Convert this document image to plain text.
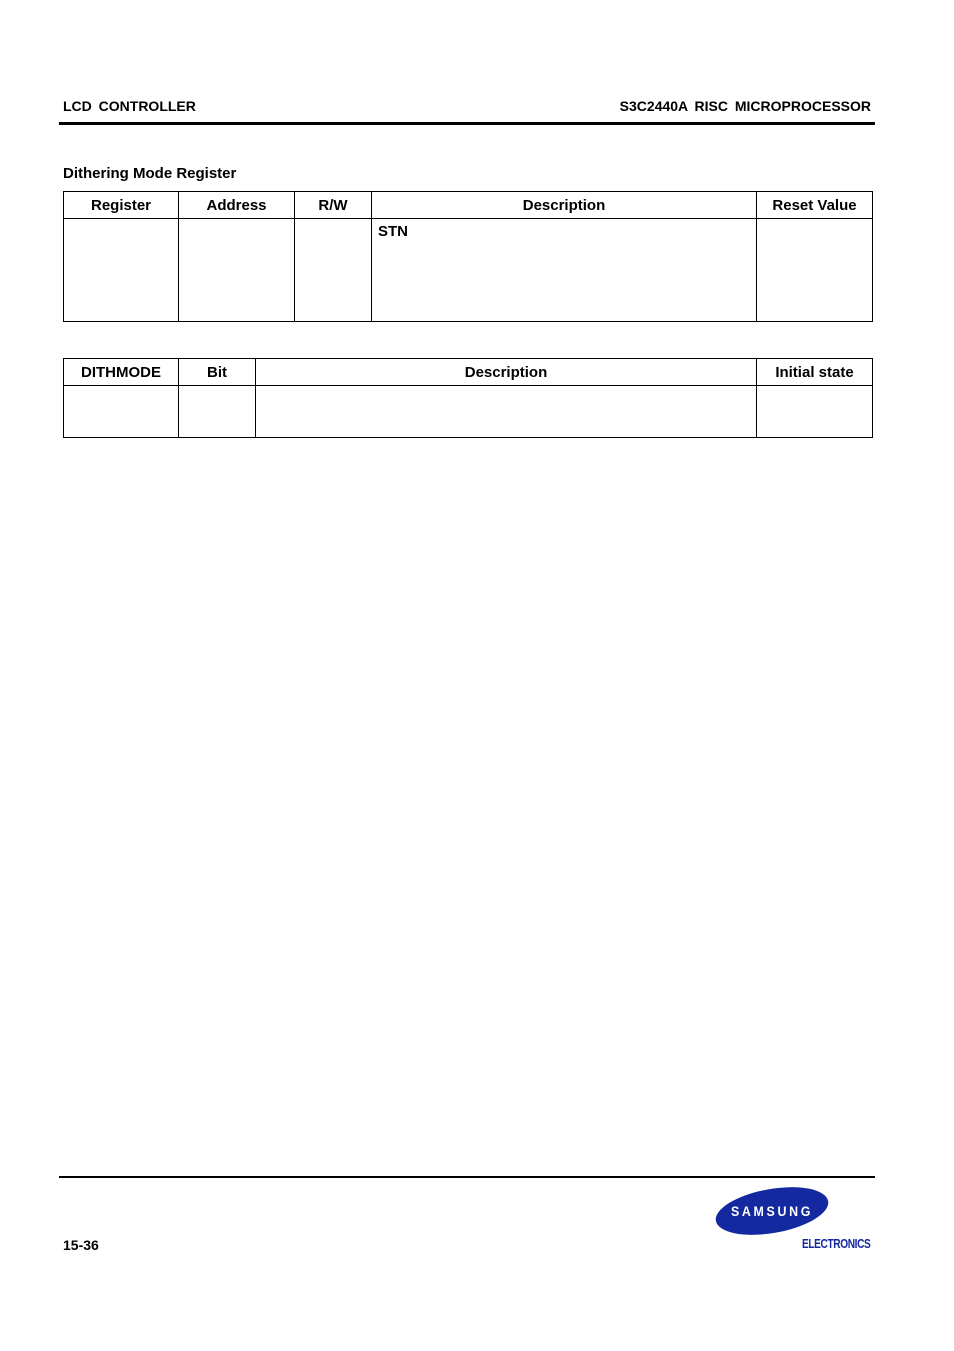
LCD CONTROLLER	S3C2440A RISC MICROPROCESSOR
Dithering Mode Register
Register	Address	R/W	Description	Reset Value

			STN	

DITHMODE	Bit	Description	Initial state

15-36
SAMSUNG
ELECTRONICS
